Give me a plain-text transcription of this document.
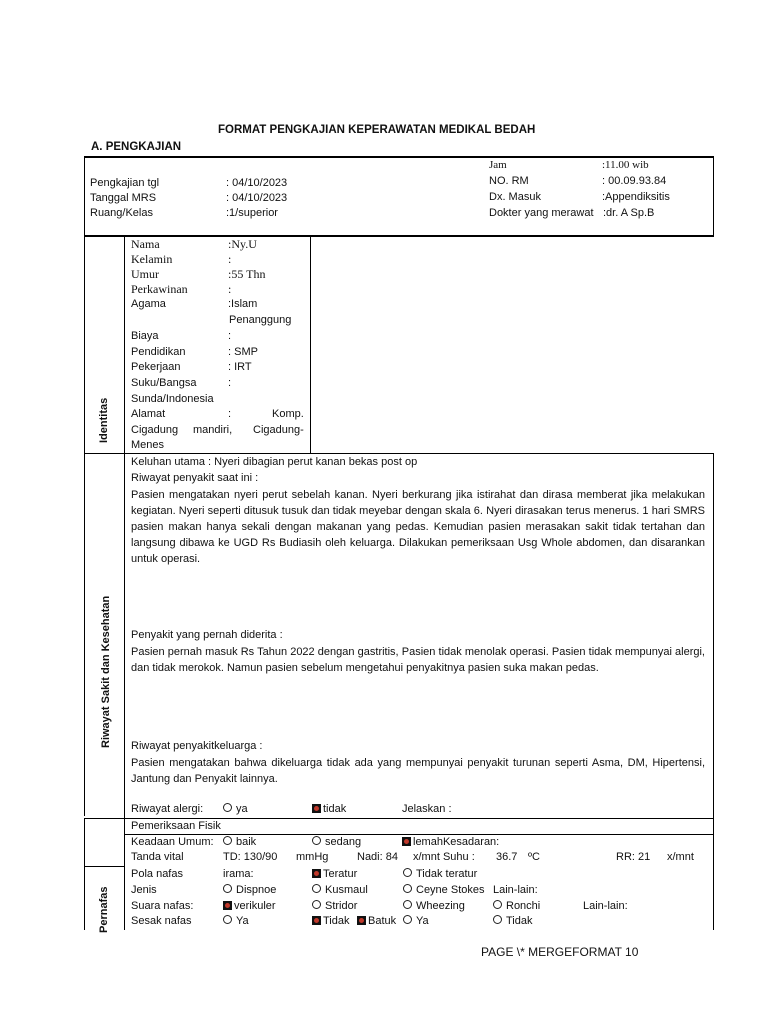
FORMAT PENGKAJIAN KEPERAWATAN MEDIKAL BEDAH
A. PENGKAJIAN
Pengkajian tgl	: 04/10/2023
Tanggal MRS	: 04/10/2023
Ruang/Kelas	:1/superior
Jam	:11.00 wib
NO. RM	: 00.09.93.84
Dx. Masuk	:Appendiksitis
Dokter yang merawat :dr. A Sp.B
Identitas
Nama	:Ny.U
Kelamin	:
Umur	:55 Thn
Perkawinan	:
Agama	:Islam
Penanggung
Biaya	:
Pendidikan	: SMP
Pekerjaan	: IRT
Suku/Bangsa	:
Sunda/Indonesia
Alamat	:	Komp.
Cigadung mandiri, Cigadung-
Menes
Riwayat Sakit dan Kesehatan
Keluhan utama : Nyeri dibagian perut kanan bekas post op
Riwayat penyakit saat ini :
Pasien mengatakan nyeri perut sebelah kanan. Nyeri berkurang jika istirahat dan dirasa memberat jika melakukan kegiatan. Nyeri seperti ditusuk tusuk dan tidak meyebar dengan skala 6. Nyeri dirasakan terus menerus. 1 hari SMRS pasien makan hanya sekali dengan makanan yang pedas. Kemudian pasien merasakan sakit tidak tertahan dan langsung dibawa ke UGD Rs Budiasih oleh keluarga. Dilakukan pemeriksaan Usg Whole abdomen, dan disarankan untuk operasi.
Penyakit yang pernah diderita :
Pasien pernah masuk Rs Tahun 2022 dengan gastritis, Pasien tidak menolak operasi. Pasien tidak mempunyai alergi, dan tidak merokok. Namun pasien sebelum mengetahui penyakitnya pasien suka makan pedas.
Riwayat penyakitkeluarga :
Pasien mengatakan bahwa dikeluarga tidak ada yang mempunyai penyakit turunan seperti Asma, DM, Hipertensi, Jantung dan Penyakit lainnya.
Riwayat alergi:	ya	tidak	Jelaskan :
Pemeriksaan Fisik
Keadaan Umum:	baik	sedang	lemahKesadaran:
Tanda vital	TD: 130/90 mmHg	Nadi: 84 x/mnt Suhu : 36.7 ºC	RR: 21 x/mnt
Pernafas
Pola nafas	irama:	Teratur	Tidak teratur
Jenis	Dispnoe	Kusmaul	Ceyne Stokes Lain-lain:
Suara nafas:	verikuler	Stridor	Wheezing	Ronchi	Lain-lain:
Sesak nafas	Ya	Tidak	Batuk	Ya	Tidak
PAGE \* MERGEFORMAT 10
